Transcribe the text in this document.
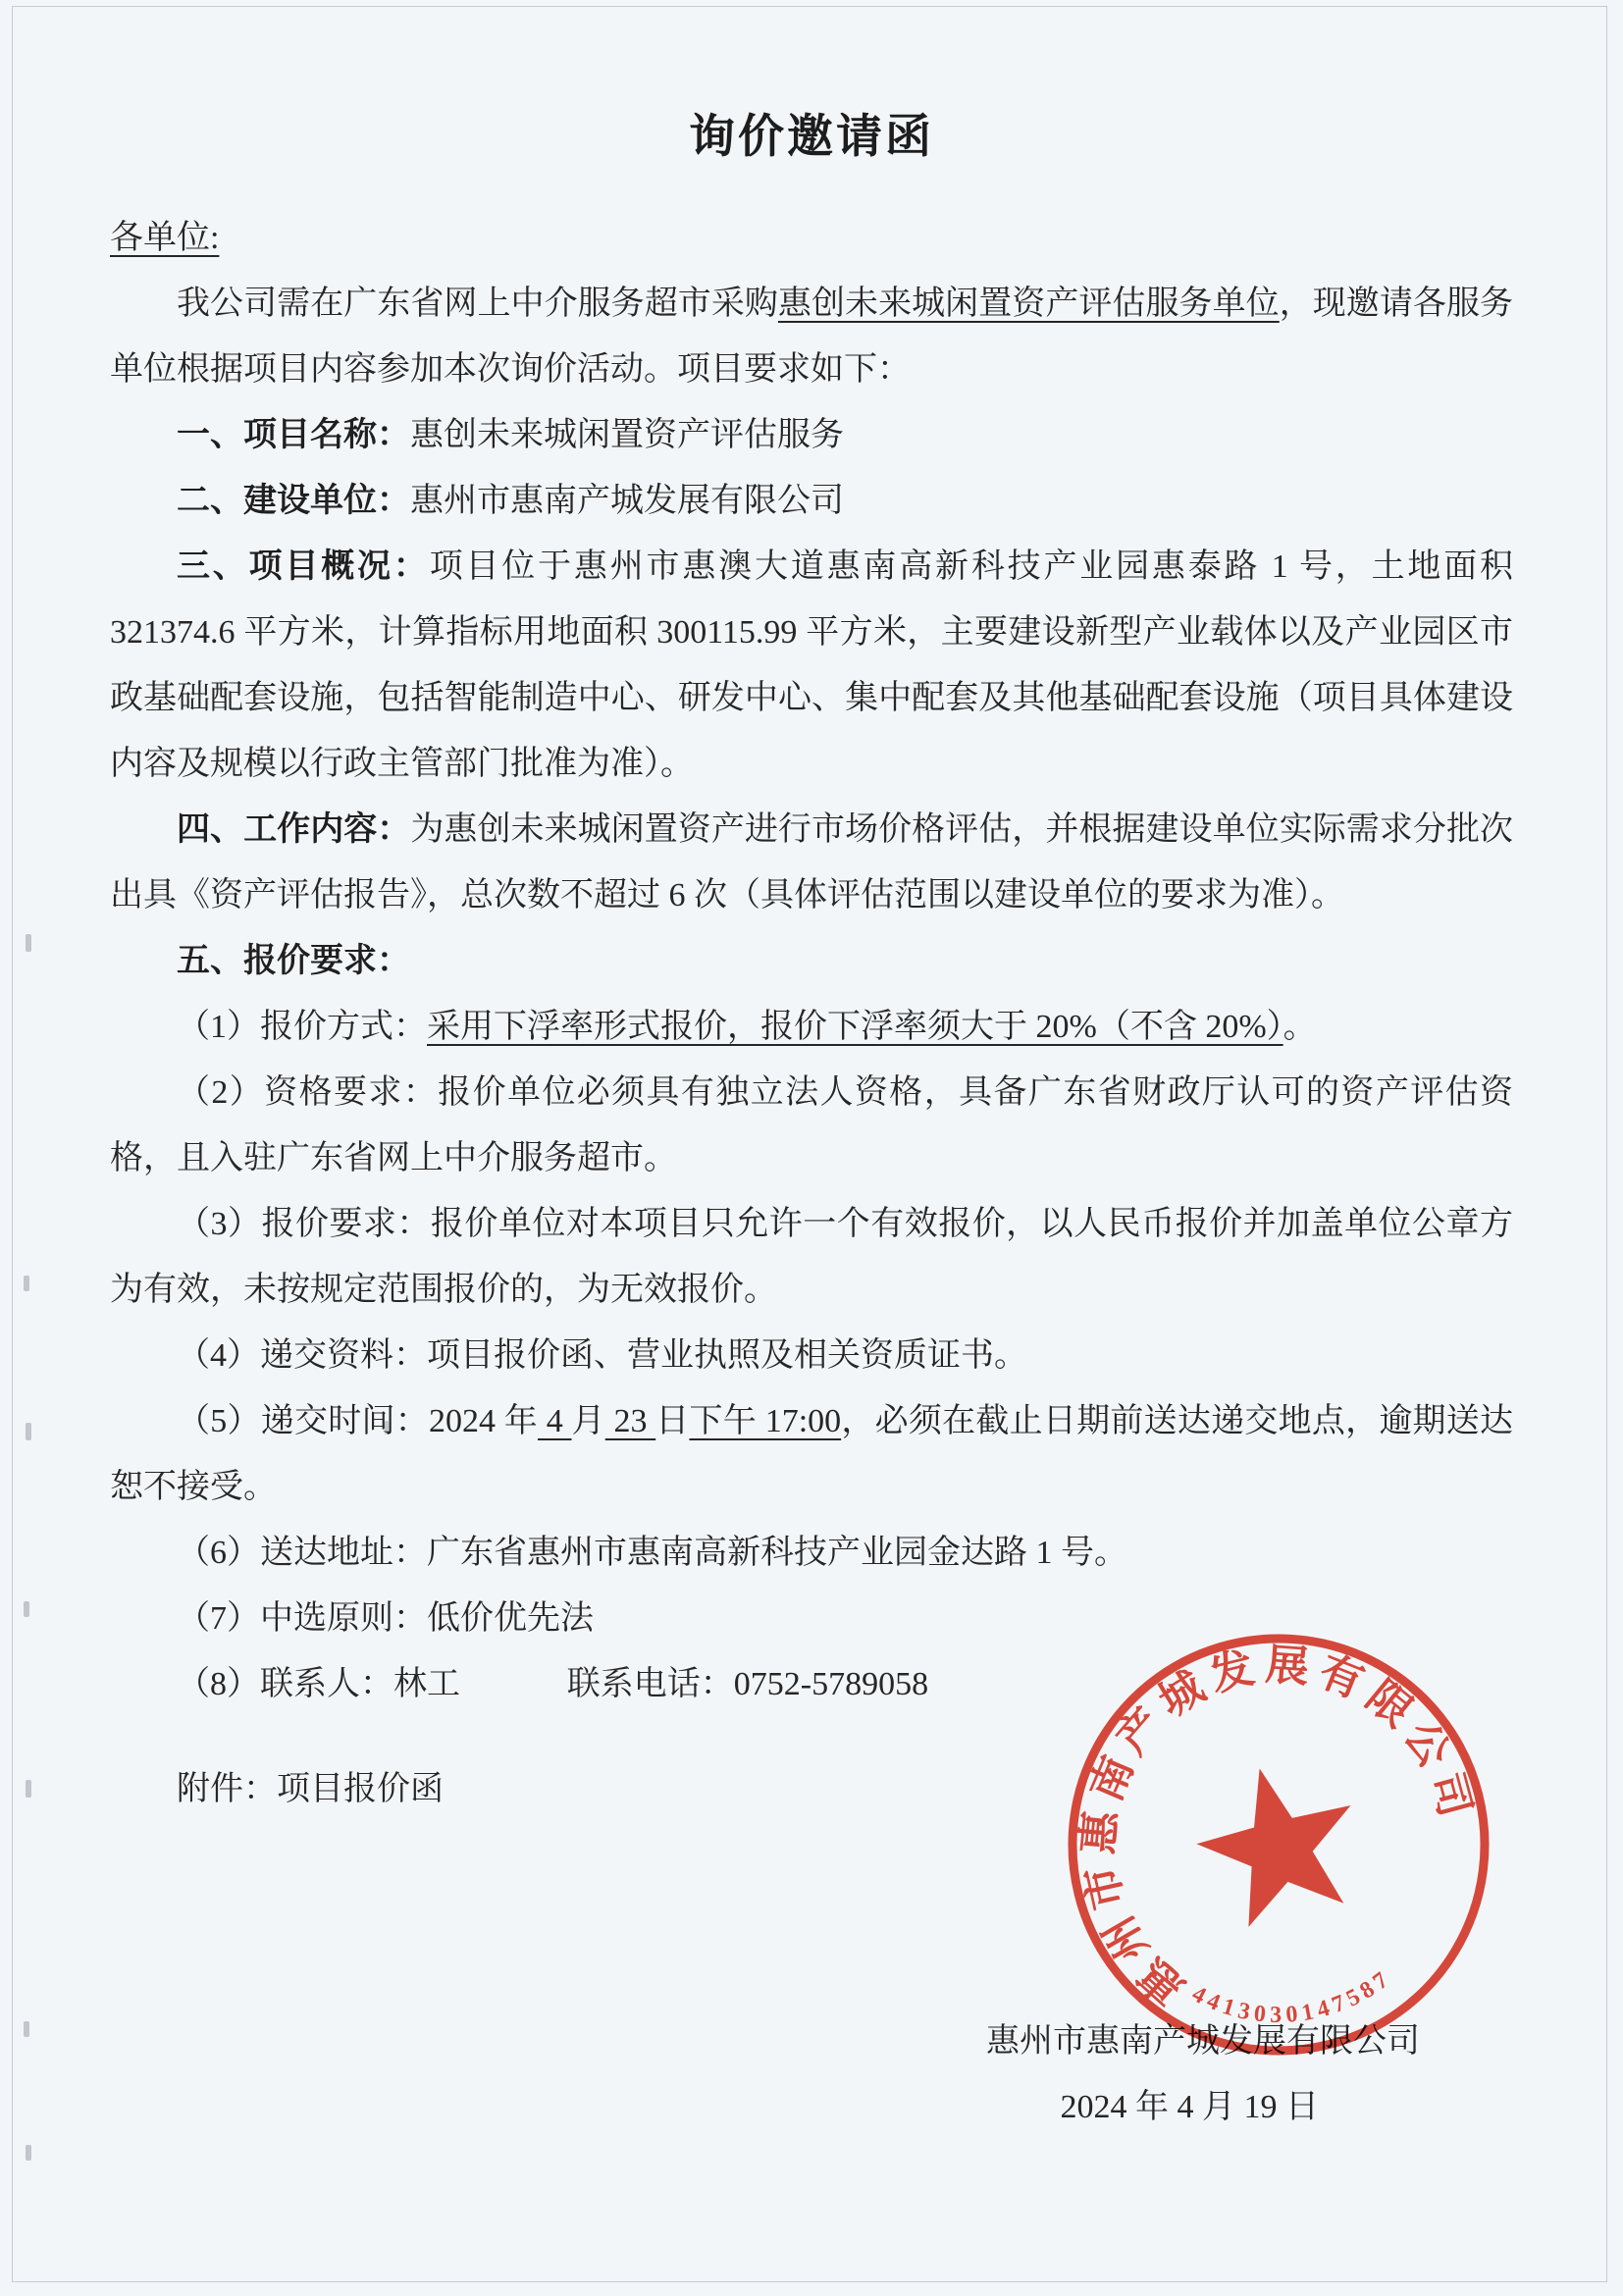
询价邀请函
各单位:

我公司需在广东省网上中介服务超市采购惠创未来城闲置资产评估服务单位，现邀请各服务单位根据项目内容参加本次询价活动。项目要求如下：

一、项目名称：惠创未来城闲置资产评估服务

二、建设单位：惠州市惠南产城发展有限公司

三、项目概况：项目位于惠州市惠澳大道惠南高新科技产业园惠泰路 1 号，土地面积 321374.6 平方米，计算指标用地面积 300115.99 平方米，主要建设新型产业载体以及产业园区市政基础配套设施，包括智能制造中心、研发中心、集中配套及其他基础配套设施（项目具体建设内容及规模以行政主管部门批准为准）。

四、工作内容：为惠创未来城闲置资产进行市场价格评估，并根据建设单位实际需求分批次出具《资产评估报告》，总次数不超过 6 次（具体评估范围以建设单位的要求为准）。

五、报价要求：

（1）报价方式：采用下浮率形式报价，报价下浮率须大于 20%（不含 20%）。

（2）资格要求：报价单位必须具有独立法人资格，具备广东省财政厅认可的资产评估资格，且入驻广东省网上中介服务超市。

（3）报价要求：报价单位对本项目只允许一个有效报价，以人民币报价并加盖单位公章方为有效，未按规定范围报价的，为无效报价。

（4）递交资料：项目报价函、营业执照及相关资质证书。

（5）递交时间：2024 年 4 月 23 日下午 17:00，必须在截止日期前送达递交地点，逾期送达恕不接受。

（6）送达地址：广东省惠州市惠南高新科技产业园金达路 1 号。

（7）中选原则：低价优先法

（8）联系人：林工	联系电话：0752-5789058

附件：项目报价函

惠州市惠南产城发展有限公司
2024 年 4 月 19 日
惠州市惠南产城发展有限公司
4413030147587
